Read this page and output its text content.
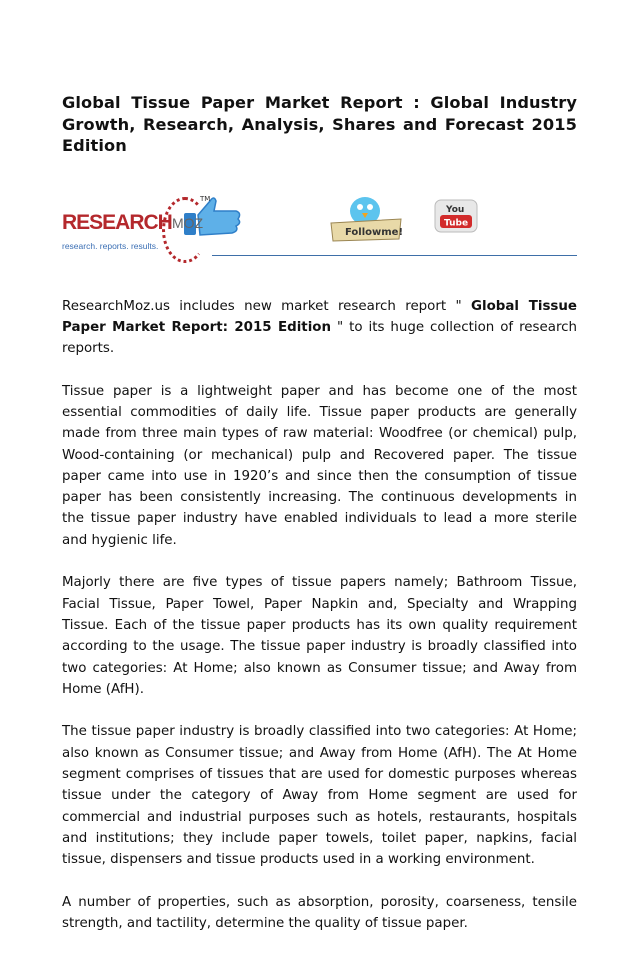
Global Tissue Paper Market Report : Global Industry Growth, Research, Analysis, Shares and Forecast 2015 Edition
RESEARCH MOZ
research. reports. results.
TM
Followme!
You
Tube

ResearchMoz.us includes new market research report " Global Tissue Paper Market Report: 2015 Edition " to its huge collection of research reports.

Tissue paper is a lightweight paper and has become one of the most essential commodities of daily life. Tissue paper products are generally made from three main types of raw material: Woodfree (or chemical) pulp, Wood-containing (or mechanical) pulp and Recovered paper. The tissue paper came into use in 1920’s and since then the consumption of tissue paper has been consistently increasing. The continuous developments in the tissue paper industry have enabled individuals to lead a more sterile and hygienic life.

Majorly there are five types of tissue papers namely; Bathroom Tissue, Facial Tissue, Paper Towel, Paper Napkin and, Specialty and Wrapping Tissue. Each of the tissue paper products has its own quality requirement according to the usage. The tissue paper industry is broadly classified into two categories: At Home; also known as Consumer tissue; and Away from Home (AfH).

The tissue paper industry is broadly classified into two categories: At Home; also known as Consumer tissue; and Away from Home (AfH). The At Home segment comprises of tissues that are used for domestic purposes whereas tissue under the category of Away from Home segment are used for commercial and industrial purposes such as hotels, restaurants, hospitals and institutions; they include paper towels, toilet paper, napkins, facial tissue, dispensers and tissue products used in a working environment.

A number of properties, such as absorption, porosity, coarseness, tensile strength, and tactility, determine the quality of tissue paper.
